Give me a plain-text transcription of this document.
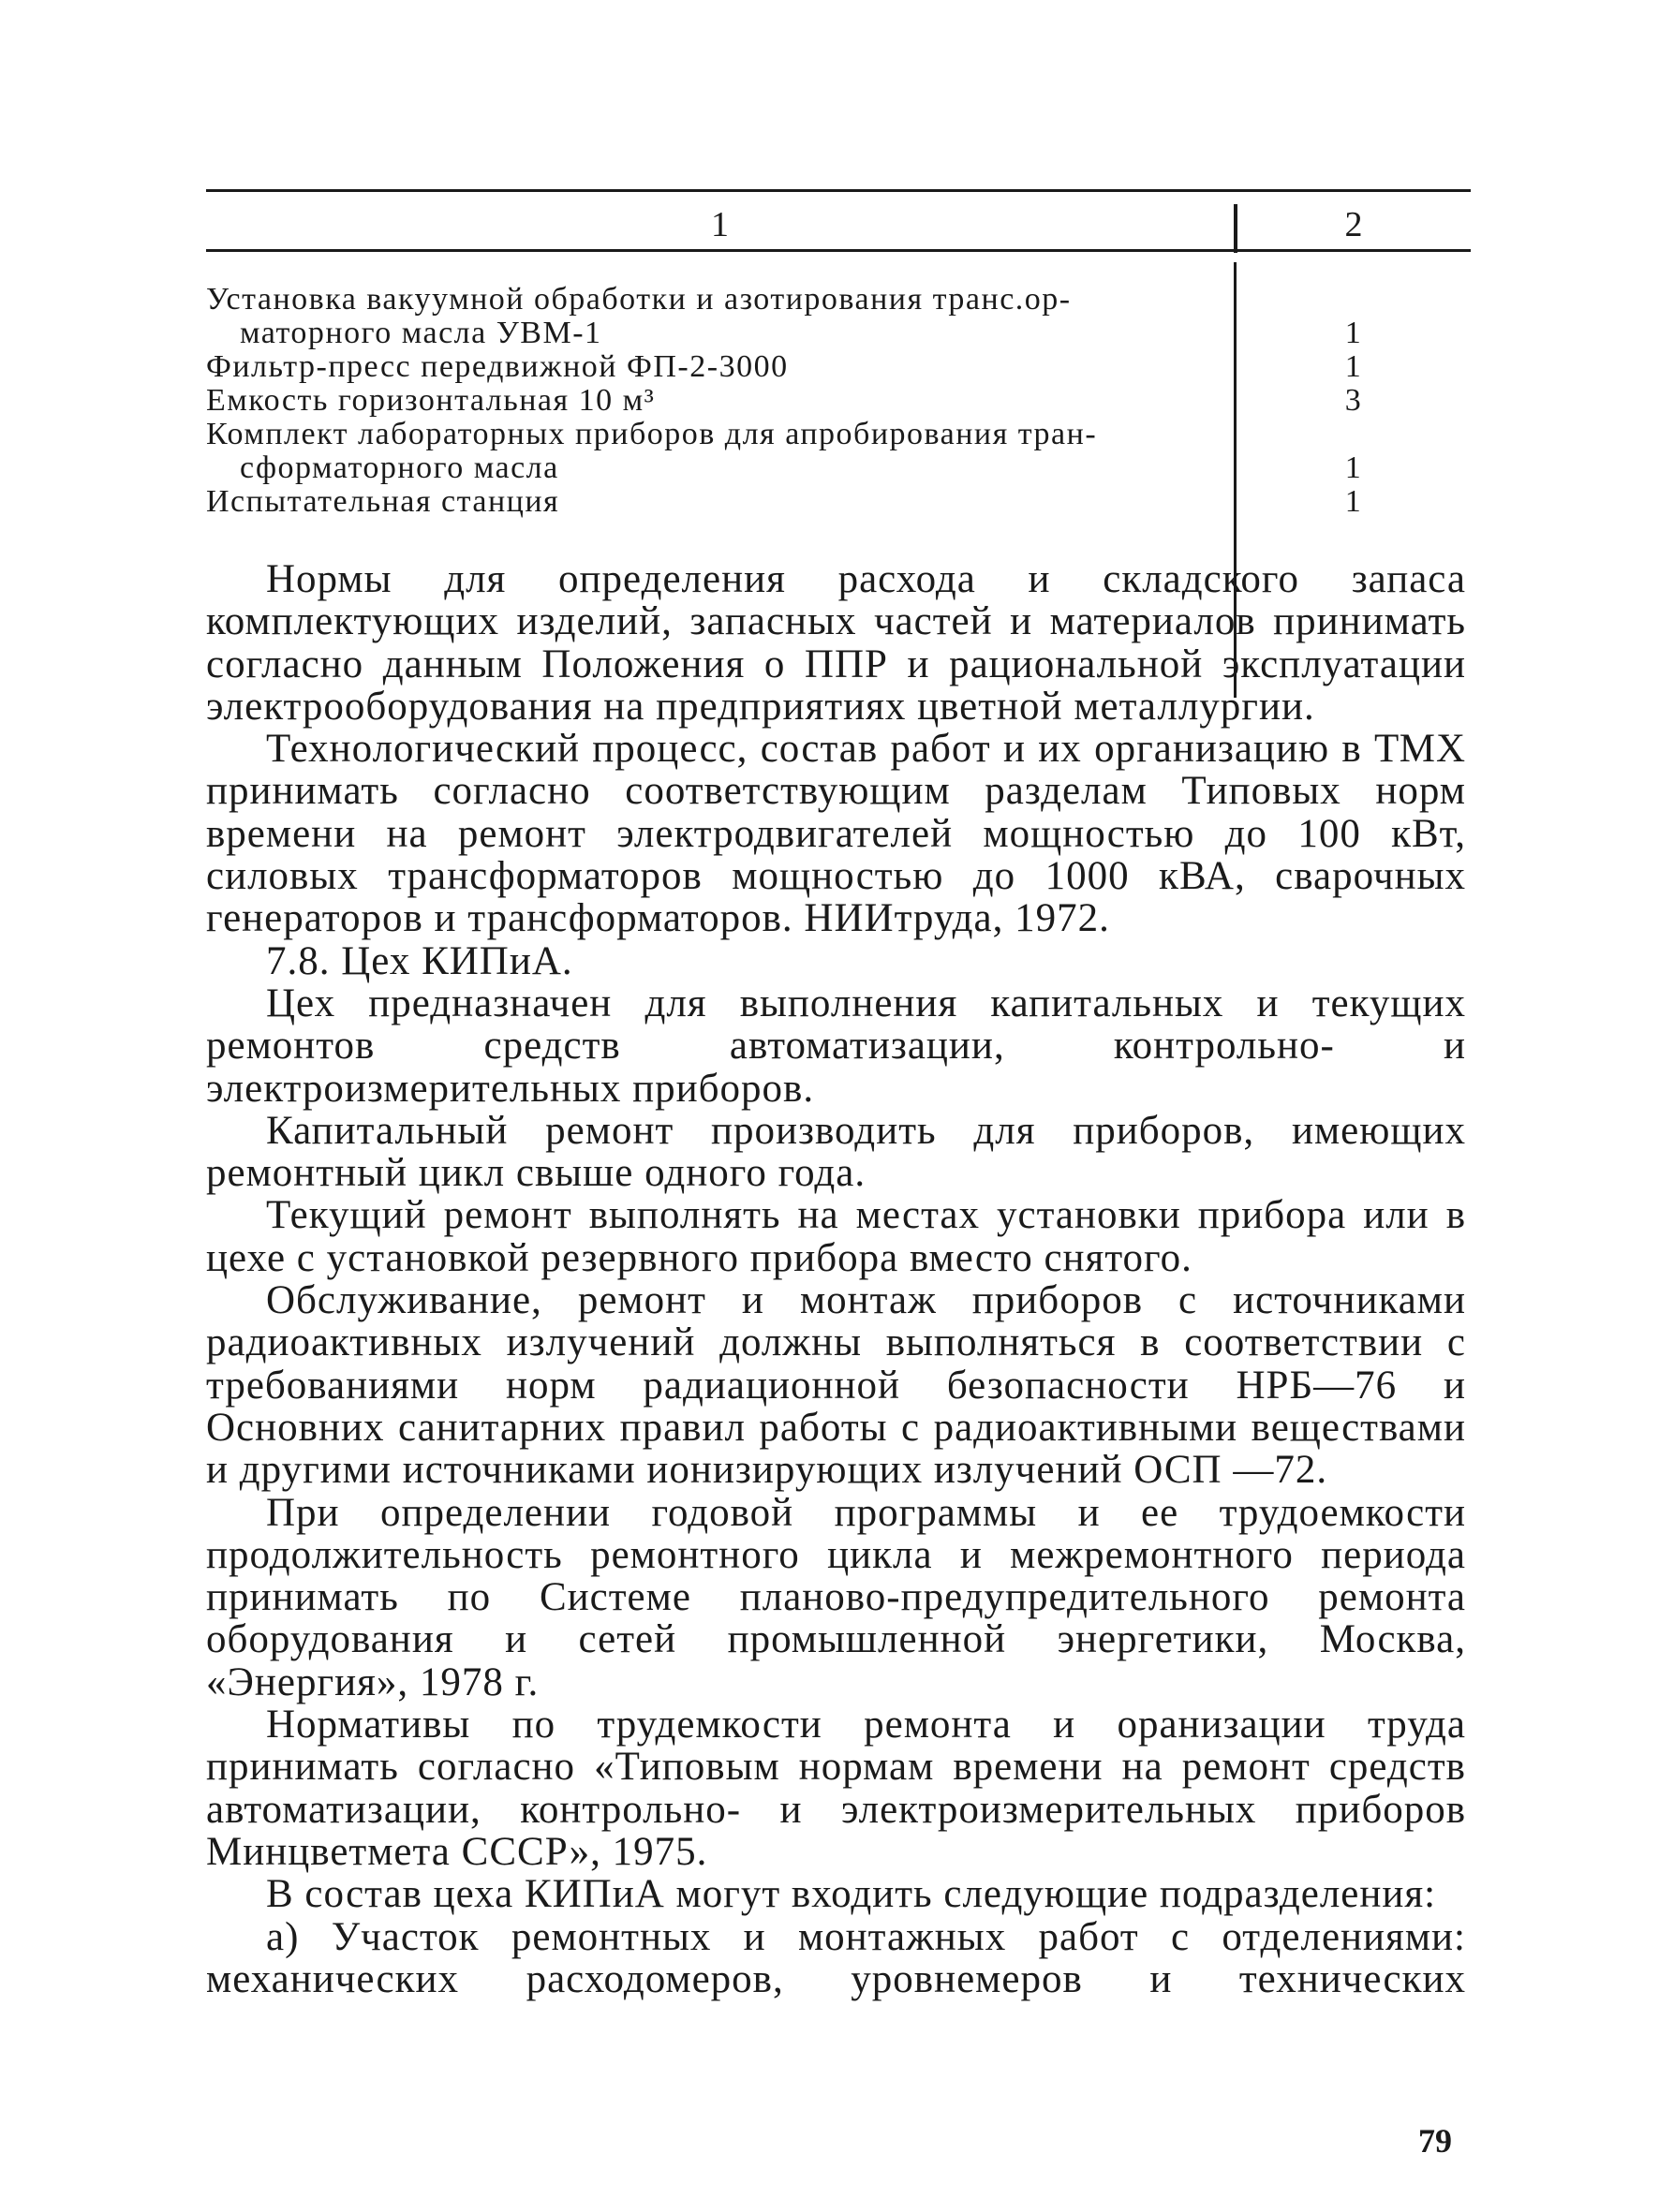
1	2
Установка вакуумной обработки и азотирования транс.ор-
маторного масла УВМ-1	1
Фильтр-пресс передвижной ФП-2-3000	1
Емкость горизонтальная 10 м³	3
Комплект лабораторных приборов для апробирования тран-
сформаторного масла	1
Испытательная станция	1

Нормы для определения расхода и складского запаса комплектующих изделий, запасных частей и материалов принимать согласно данным Положения о ППР и рациональной эксплуатации электрооборудования на предприятиях цветной металлургии.

Технологический процесс, состав работ и их организацию в ТМХ принимать согласно соответствующим разделам Типовых норм времени на ремонт электродвигателей мощностью до 100 кВт, силовых трансформаторов мощностью до 1000 кВА, сварочных генераторов и трансформаторов. НИИтруда, 1972.

7.8. Цех КИПиА.

Цех предназначен для выполнения капитальных и текущих ремонтов средств автоматизации, контрольно- и электроизмерительных приборов.

Капитальный ремонт производить для приборов, имеющих ремонтный цикл свыше одного года.

Текущий ремонт выполнять на местах установки прибора или в цехе с установкой резервного прибора вместо снятого.

Обслуживание, ремонт и монтаж приборов с источниками радиоактивных излучений должны выполняться в соответствии с требованиями норм радиационной безопасности НРБ—76 и Основних санитарних правил работы с радиоактивными веществами и другими источниками ионизирующих излучений ОСП —72.

При определении годовой программы и ее трудоемкости продолжительность ремонтного цикла и межремонтного периода принимать по Системе планово-предупредительного ремонта оборудования и сетей промышленной энергетики, Москва, «Энергия», 1978 г.

Нормативы по трудемкости ремонта и оранизации труда принимать согласно «Типовым нормам времени на ремонт средств автоматизации, контрольно- и электроизмерительных приборов Минцветмета СССР», 1975.

В состав цеха КИПиА могут входить следующие подразделения:

а) Участок ремонтных и монтажных работ с отделениями: механических расходомеров, уровнемеров и технических

79
